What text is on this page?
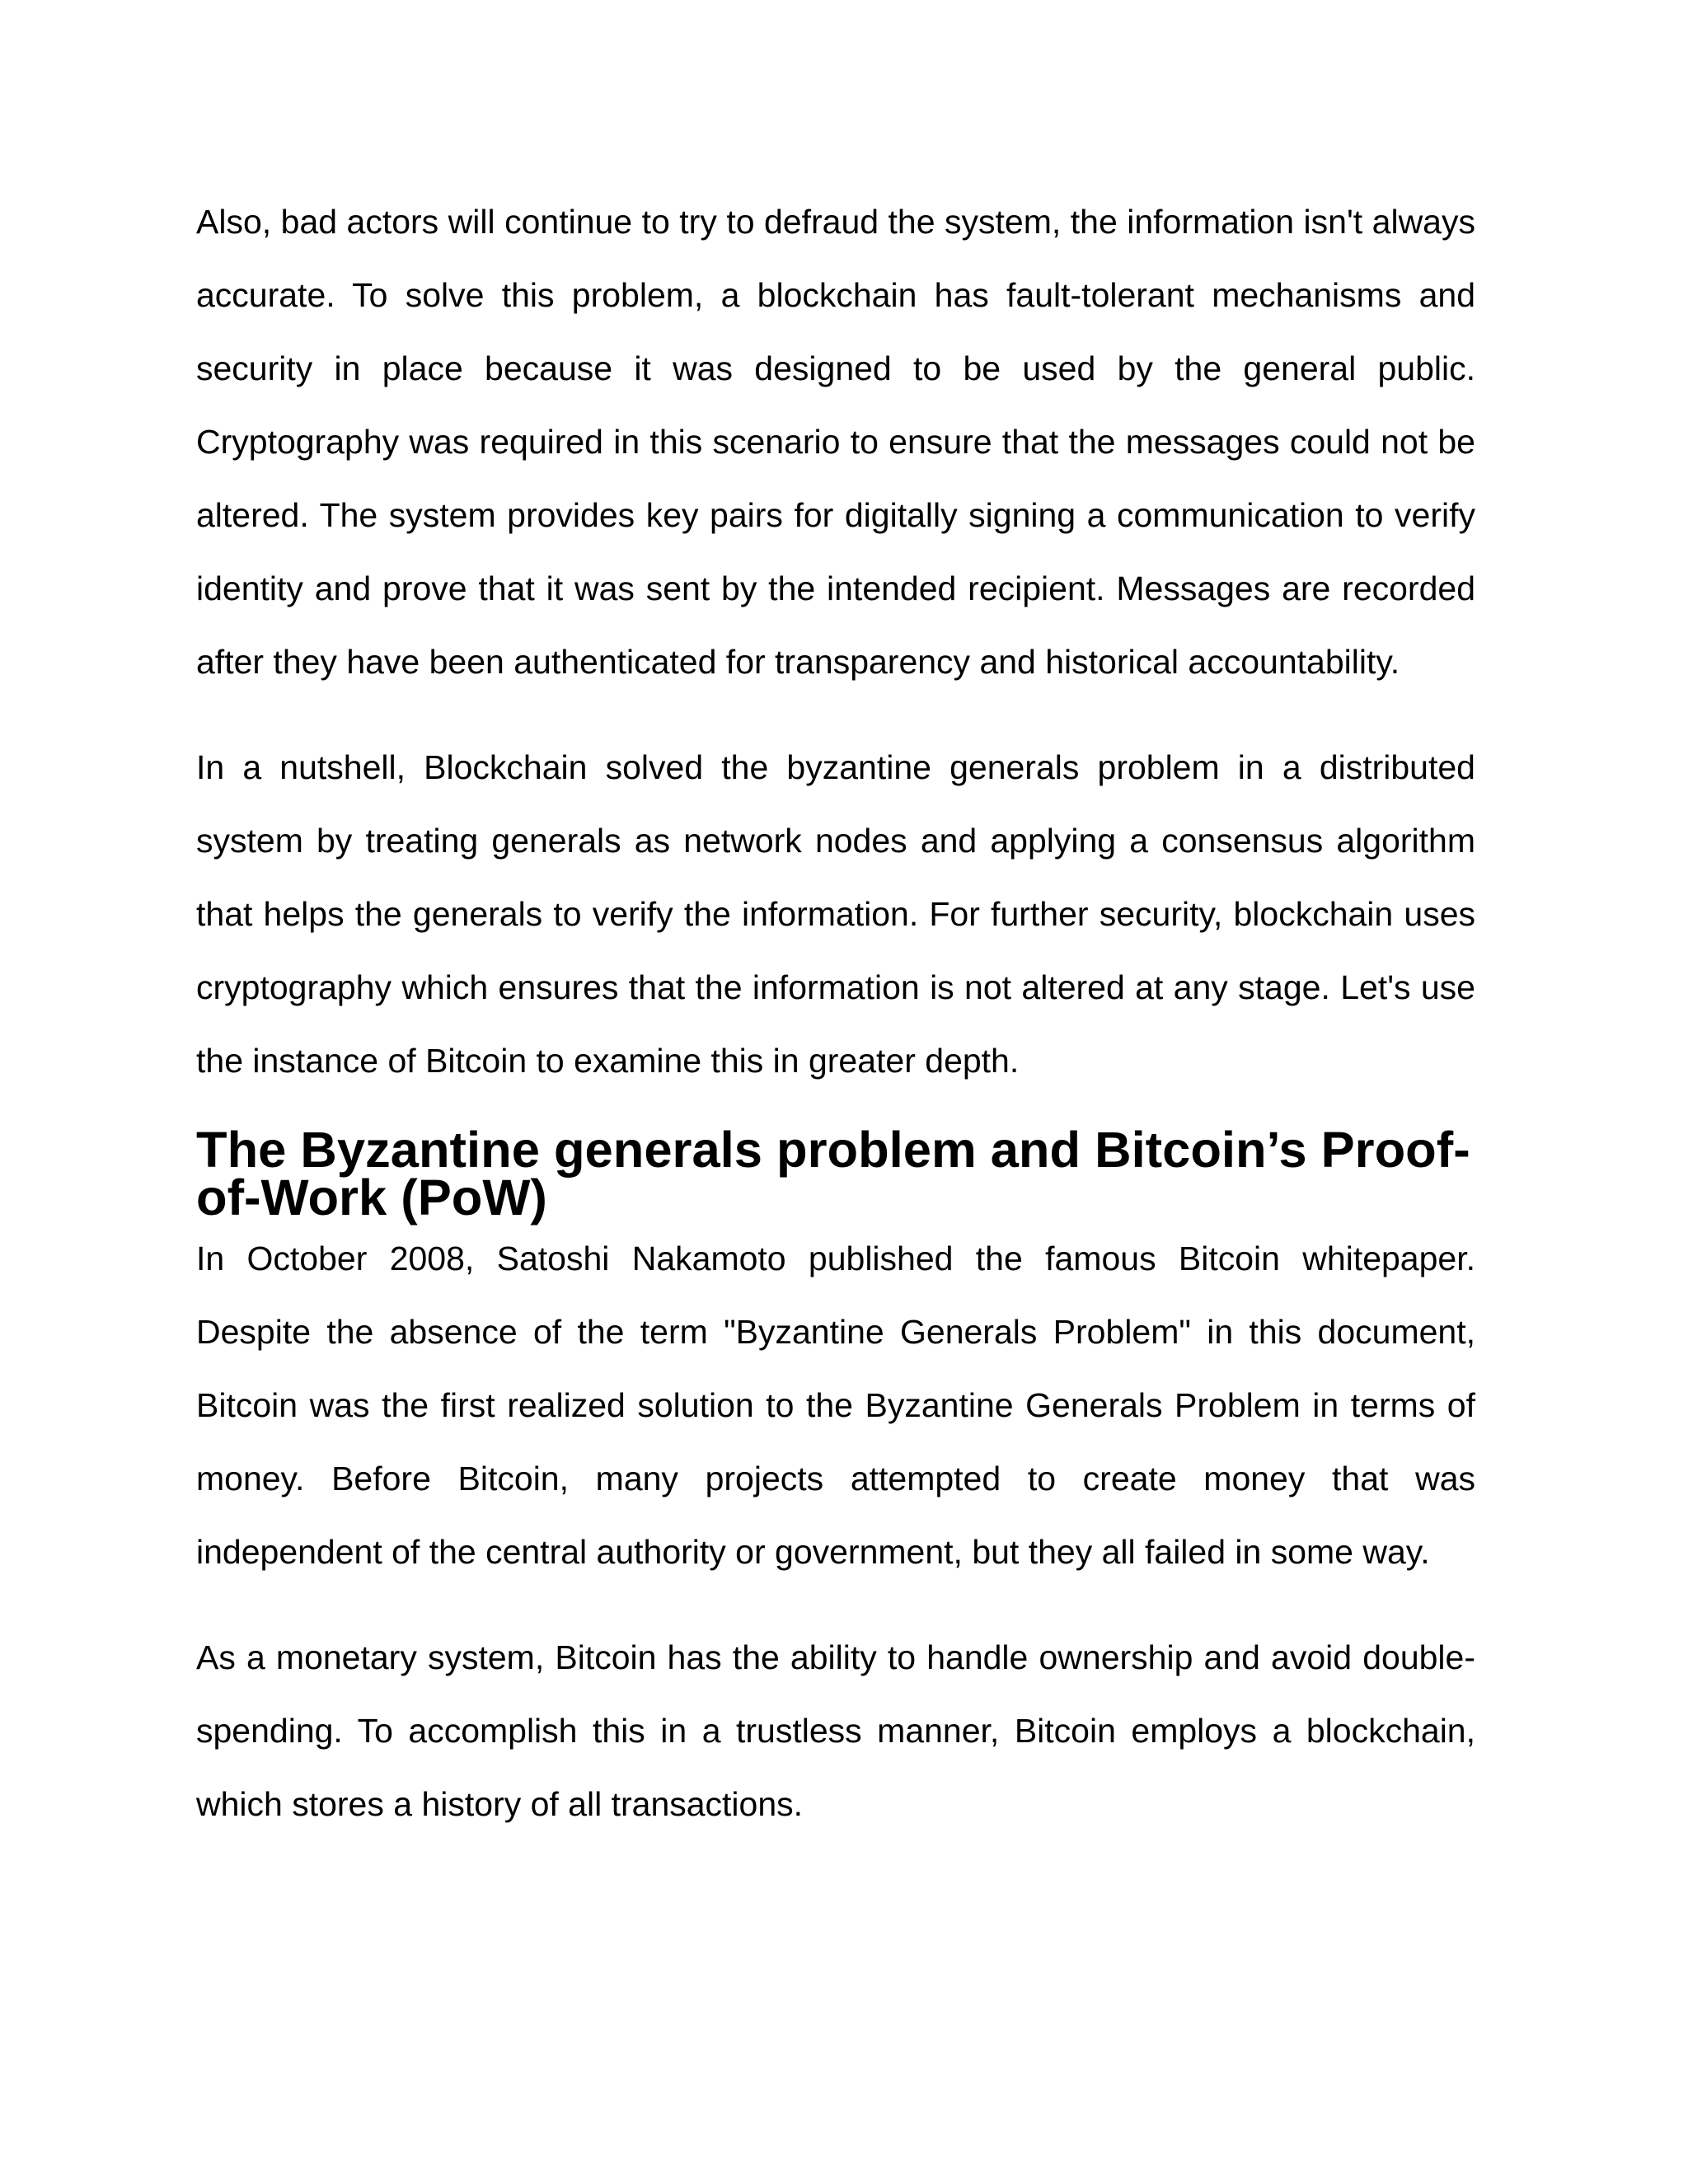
Also, bad actors will continue to try to defraud the system, the information isn't always accurate. To solve this problem, a blockchain has fault-tolerant mechanisms and security in place because it was designed to be used by the general public. Cryptography was required in this scenario to ensure that the messages could not be altered. The system provides key pairs for digitally signing a communication to verify identity and prove that it was sent by the intended recipient. Messages are recorded after they have been authenticated for transparency and historical accountability.

In a nutshell, Blockchain solved the byzantine generals problem in a distributed system by treating generals as network nodes and applying a consensus algorithm that helps the generals to verify the information. For further security, blockchain uses cryptography which ensures that the information is not altered at any stage. Let's use the instance of Bitcoin to examine this in greater depth.

The Byzantine generals problem and Bitcoin’s Proof-of-Work (PoW)

In October 2008, Satoshi Nakamoto published the famous Bitcoin whitepaper. Despite the absence of the term "Byzantine Generals Problem" in this document, Bitcoin was the first realized solution to the Byzantine Generals Problem in terms of money. Before Bitcoin, many projects attempted to create money that was independent of the central authority or government, but they all failed in some way.

As a monetary system, Bitcoin has the ability to handle ownership and avoid double-spending. To accomplish this in a trustless manner, Bitcoin employs a blockchain, which stores a history of all transactions.
